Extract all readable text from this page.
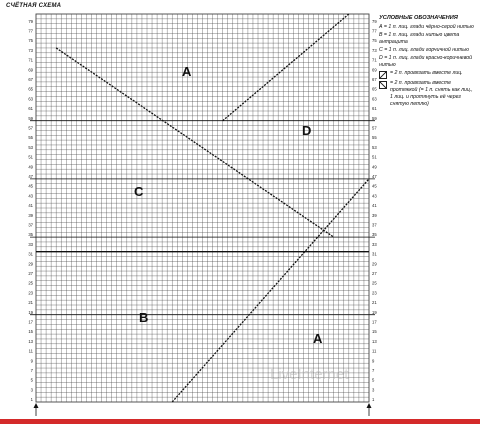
СЧЁТНАЯ СХЕМА
1	1
3	3
5	5
7	7
9	9
11	11
13	13
15	15
17	17
19	19
21	21
23	23
25	25
27	27
29	29
31	31
33	33
35	35
37	37
39	39
41	41
43	43
45	45
47	47
49	49
51	51
53	53
55	55
57	57
59	59
61	61
63	63
65	65
67	67
69	69
71	71
73	73
75	75
77	77
79	79
A
C
D
B
A
LiveInternet
УСЛОВНЫЕ ОБОЗНАЧЕНИЯ
А = 1 п. лиц. глади чёрно-серой нитью
B = 1 п. лиц. глади нитью цвета антрацита
C = 1 п. лиц. глади горчичной нитью
D = 1 п. лиц. глади красно-коричневой нитью
= 2 п. провязать вместе лиц.
= 2 п. провязать вместе протяжкой (= 1 п. снять как лиц., 1 лиц. и протянуть её через снятую петлю)
